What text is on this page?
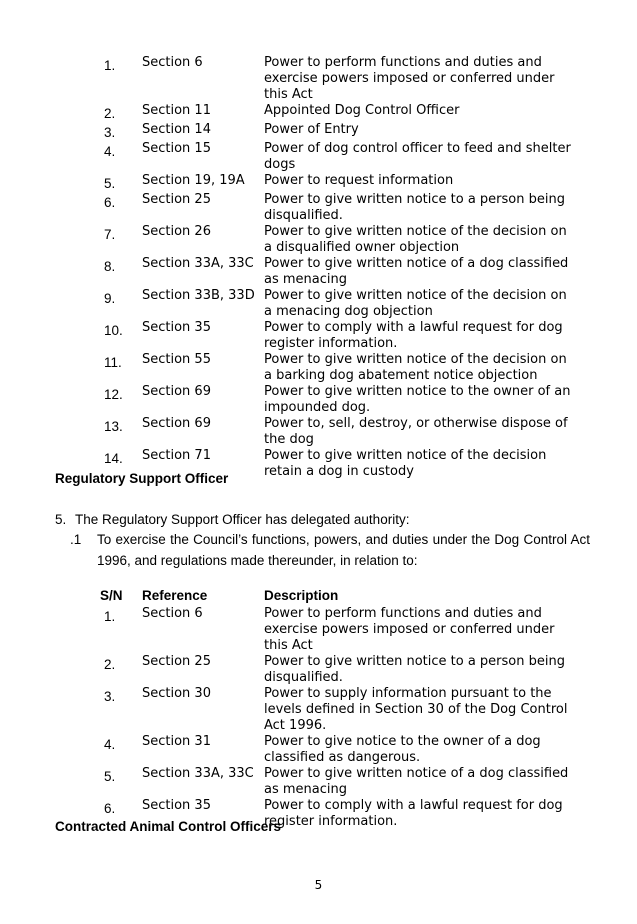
1.	Section 6	Power to perform functions and duties and exercise powers imposed or conferred under this Act
2.	Section 11	Appointed Dog Control Officer
3.	Section 14	Power of Entry
4.	Section 15	Power of dog control officer to feed and shelter dogs
5.	Section 19, 19A	Power to request information
6.	Section 25	Power to give written notice to a person being disqualified.
7.	Section 26	Power to give written notice of the decision on a disqualified owner objection
8.	Section 33A, 33C	Power to give written notice of a dog classified as menacing
9.	Section 33B, 33D	Power to give written notice of the decision on a menacing dog objection
10.	Section 35	Power to comply with a lawful request for dog register information.
11.	Section 55	Power to give written notice of the decision on a barking dog abatement notice objection
12.	Section 69	Power to give written notice to the owner of an impounded dog.
13.	Section 69	Power to, sell, destroy, or otherwise dispose of the dog
14.	Section 71	Power to give written notice of the decision retain a dog in custody
Regulatory Support Officer
5. The Regulatory Support Officer has delegated authority:
.1 To exercise the Council’s functions, powers, and duties under the Dog Control Act 1996, and regulations made thereunder, in relation to:
S/N	Reference	Description
1.	Section 6	Power to perform functions and duties and exercise powers imposed or conferred under this Act
2.	Section 25	Power to give written notice to a person being disqualified.
3.	Section 30	Power to supply information pursuant to the levels defined in Section 30 of the Dog Control Act 1996.
4.	Section 31	Power to give notice to the owner of a dog classified as dangerous.
5.	Section 33A, 33C	Power to give written notice of a dog classified as menacing
6.	Section 35	Power to comply with a lawful request for dog register information.
Contracted Animal Control Officers
5
